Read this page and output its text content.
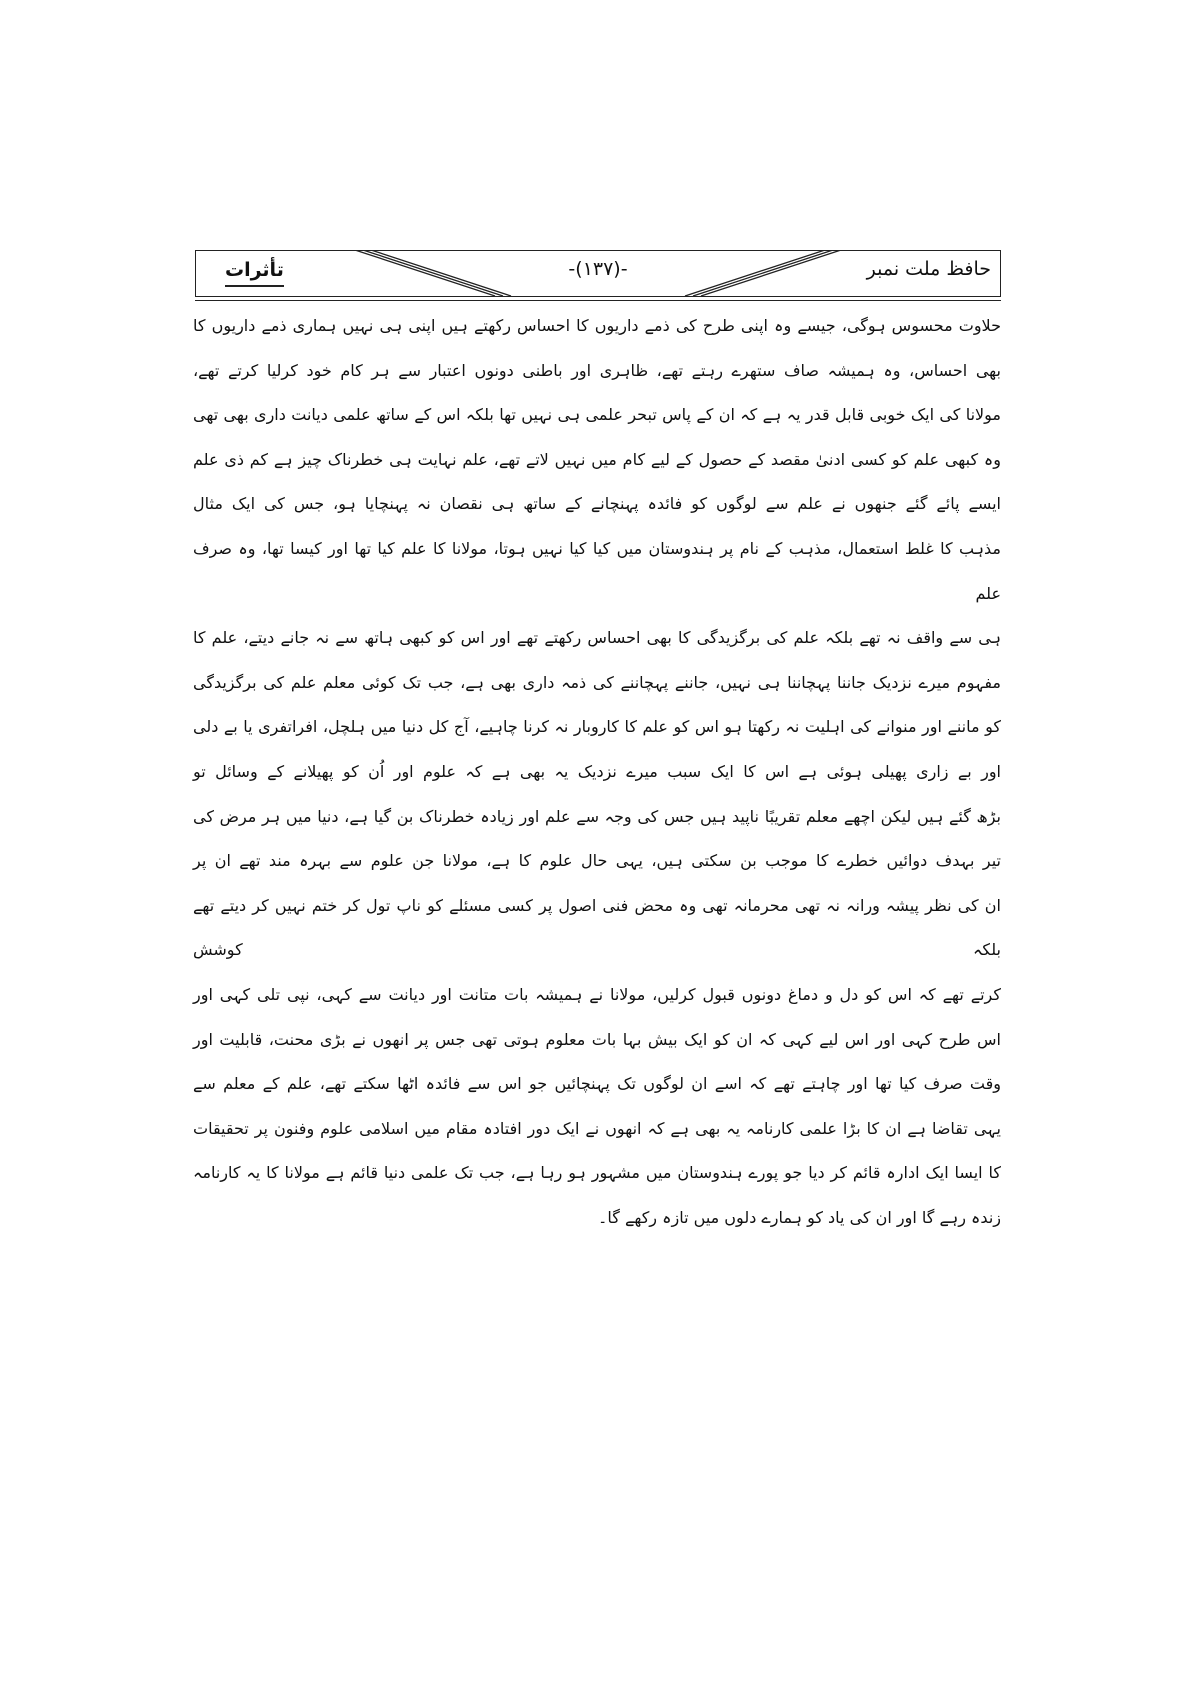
حافظ ملت نمبر
-(۱۳۷)-
تأثرات
حلاوت محسوس ہوگی، جیسے وہ اپنی طرح کی ذمے داریوں کا احساس رکھتے ہیں اپنی ہی نہیں ہماری ذمے داریوں کا
بھی احساس، وہ ہمیشہ صاف ستھرے رہتے تھے، ظاہری اور باطنی دونوں اعتبار سے ہر کام خود کرلیا کرتے تھے،
مولانا کی ایک خوبی قابل قدر یہ ہے کہ ان کے پاس تبحر علمی ہی نہیں تھا بلکہ اس کے ساتھ علمی دیانت داری بھی تھی
وہ کبھی علم کو کسی ادنیٰ مقصد کے حصول کے لیے کام میں نہیں لاتے تھے، علم نہایت ہی خطرناک چیز ہے کم ذی علم
ایسے پائے گئے جنھوں نے علم سے لوگوں کو فائدہ پہنچانے کے ساتھ ہی نقصان نہ پہنچایا ہو، جس کی ایک مثال
مذہب کا غلط استعمال، مذہب کے نام پر ہندوستان میں کیا کیا نہیں ہوتا، مولانا کا علم کیا تھا اور کیسا تھا، وہ صرف علم
ہی سے واقف نہ تھے بلکہ علم کی برگزیدگی کا بھی احساس رکھتے تھے اور اس کو کبھی ہاتھ سے نہ جانے دیتے، علم کا
مفہوم میرے نزدیک جاننا پہچاننا ہی نہیں، جاننے پہچاننے کی ذمہ داری بھی ہے، جب تک کوئی معلم علم کی برگزیدگی
کو ماننے اور منوانے کی اہلیت نہ رکھتا ہو اس کو علم کا کاروبار نہ کرنا چاہیے، آج کل دنیا میں ہلچل، افراتفری یا بے دلی
اور بے زاری پھیلی ہوئی ہے اس کا ایک سبب میرے نزدیک یہ بھی ہے کہ علوم اور اُن کو پھیلانے کے وسائل تو
بڑھ گئے ہیں لیکن اچھے معلم تقریبًا ناپید ہیں جس کی وجہ سے علم اور زیادہ خطرناک بن گیا ہے، دنیا میں ہر مرض کی
تیر بہدف دوائیں خطرے کا موجب بن سکتی ہیں، یہی حال علوم کا ہے، مولانا جن علوم سے بہرہ مند تھے ان پر
ان کی نظر پیشہ ورانہ نہ تھی محرمانہ تھی وہ محض فنی اصول پر کسی مسئلے کو ناپ تول کر ختم نہیں کر دیتے تھے بلکہ کوشش
کرتے تھے کہ اس کو دل و دماغ دونوں قبول کرلیں، مولانا نے ہمیشہ بات متانت اور دیانت سے کہی، نپی تلی کہی اور
اس طرح کہی اور اس لیے کہی کہ ان کو ایک بیش بہا بات معلوم ہوتی تھی جس پر انھوں نے بڑی محنت، قابلیت اور
وقت صرف کیا تھا اور چاہتے تھے کہ اسے ان لوگوں تک پہنچائیں جو اس سے فائدہ اٹھا سکتے تھے، علم کے معلم سے
یہی تقاضا ہے ان کا بڑا علمی کارنامہ یہ بھی ہے کہ انھوں نے ایک دور افتادہ مقام میں اسلامی علوم وفنون پر تحقیقات
کا ایسا ایک ادارہ قائم کر دیا جو پورے ہندوستان میں مشہور ہو رہا ہے، جب تک علمی دنیا قائم ہے مولانا کا یہ کارنامہ
زندہ رہے گا اور ان کی یاد کو ہمارے دلوں میں تازہ رکھے گا۔
